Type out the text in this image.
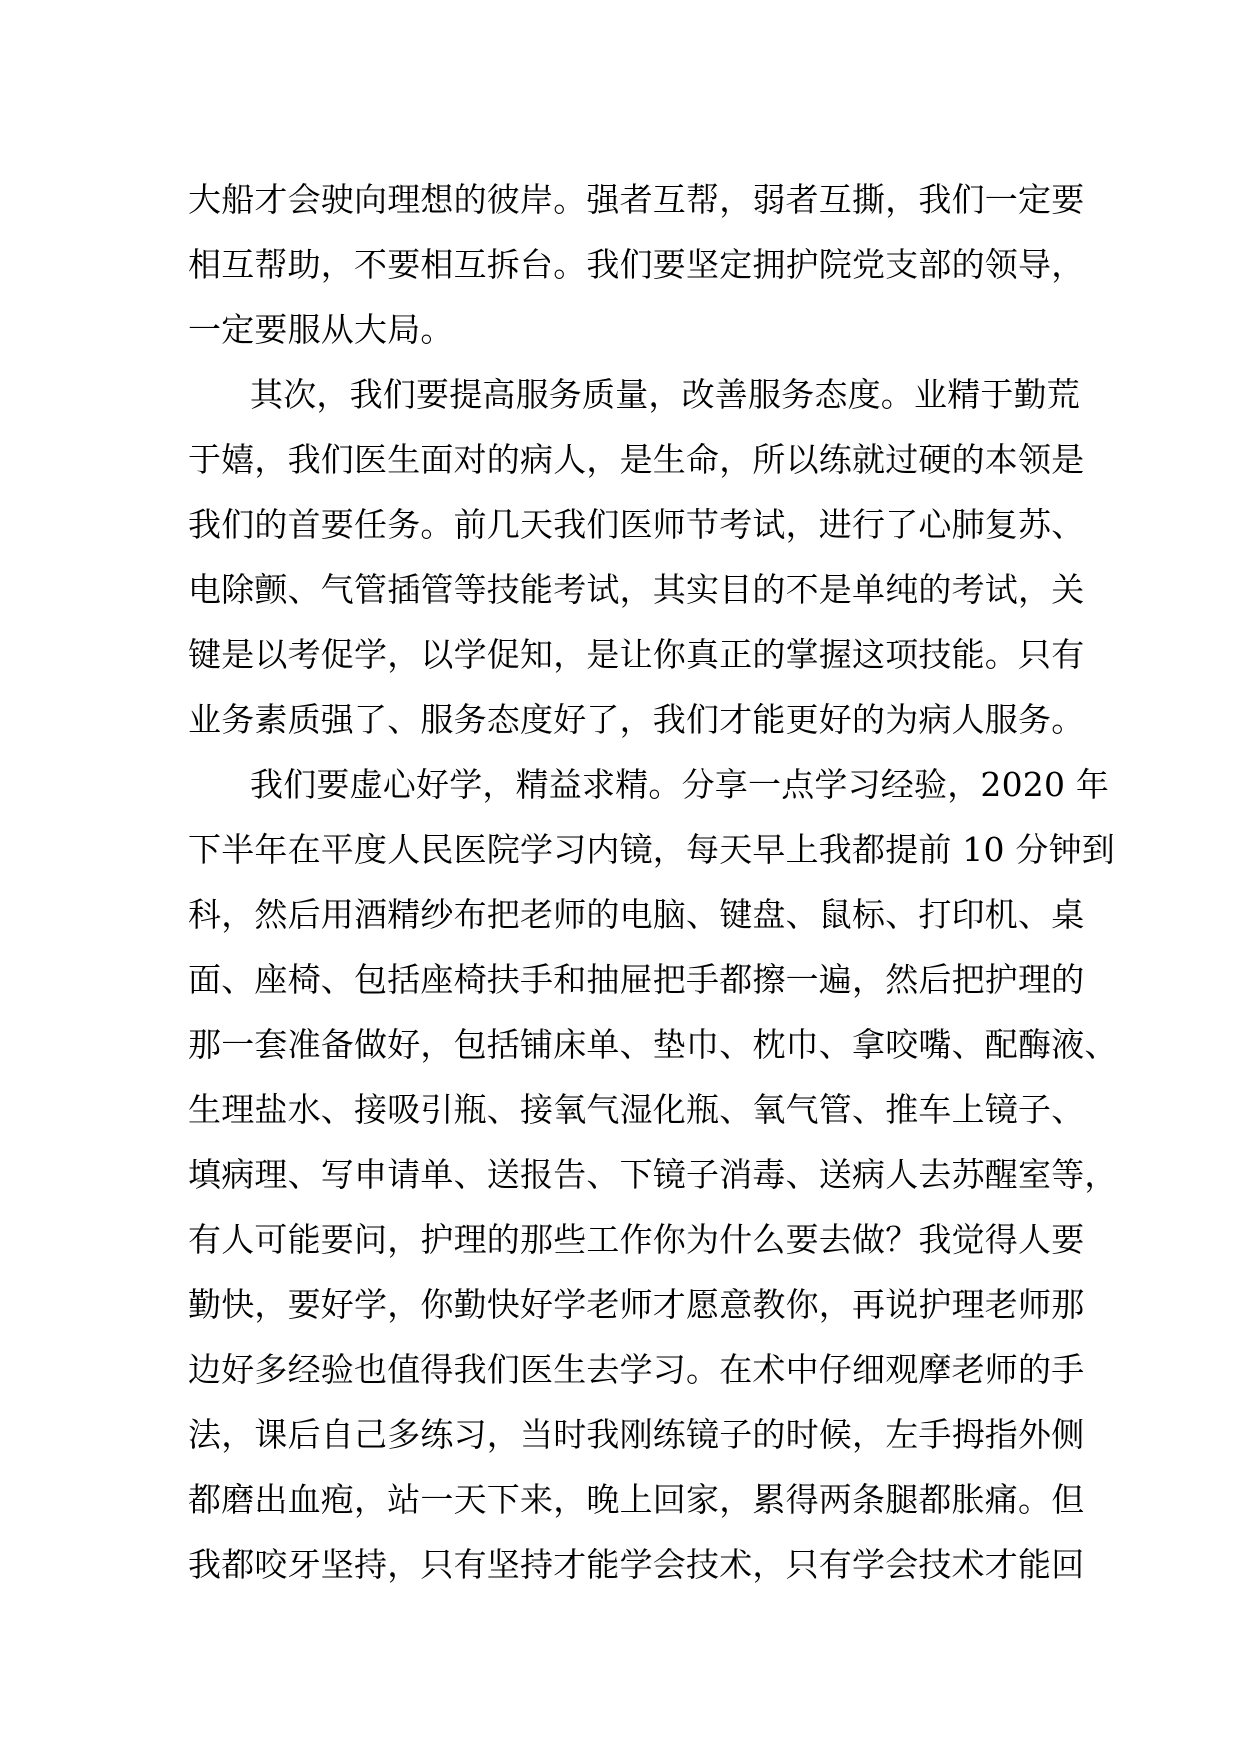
大船才会驶向理想的彼岸。强者互帮，弱者互撕，我们一定要
相互帮助，不要相互拆台。我们要坚定拥护院党支部的领导，
一定要服从大局。
其次，我们要提高服务质量，改善服务态度。业精于勤荒
于嬉，我们医生面对的病人，是生命，所以练就过硬的本领是
我们的首要任务。前几天我们医师节考试，进行了心肺复苏、
电除颤、气管插管等技能考试，其实目的不是单纯的考试，关
键是以考促学，以学促知，是让你真正的掌握这项技能。只有
业务素质强了、服务态度好了，我们才能更好的为病人服务。
我们要虚心好学，精益求精。分享一点学习经验，2020 年
下半年在平度人民医院学习内镜，每天早上我都提前 10 分钟到
科，然后用酒精纱布把老师的电脑、键盘、鼠标、打印机、桌
面、座椅、包括座椅扶手和抽屉把手都擦一遍，然后把护理的
那一套准备做好，包括铺床单、垫巾、枕巾、拿咬嘴、配酶液、
生理盐水、接吸引瓶、接氧气湿化瓶、氧气管、推车上镜子、
填病理、写申请单、送报告、下镜子消毒、送病人去苏醒室等，
有人可能要问，护理的那些工作你为什么要去做？我觉得人要
勤快，要好学，你勤快好学老师才愿意教你，再说护理老师那
边好多经验也值得我们医生去学习。在术中仔细观摩老师的手
法，课后自己多练习，当时我刚练镜子的时候，左手拇指外侧
都磨出血疱，站一天下来，晚上回家，累得两条腿都胀痛。但
我都咬牙坚持，只有坚持才能学会技术，只有学会技术才能回
